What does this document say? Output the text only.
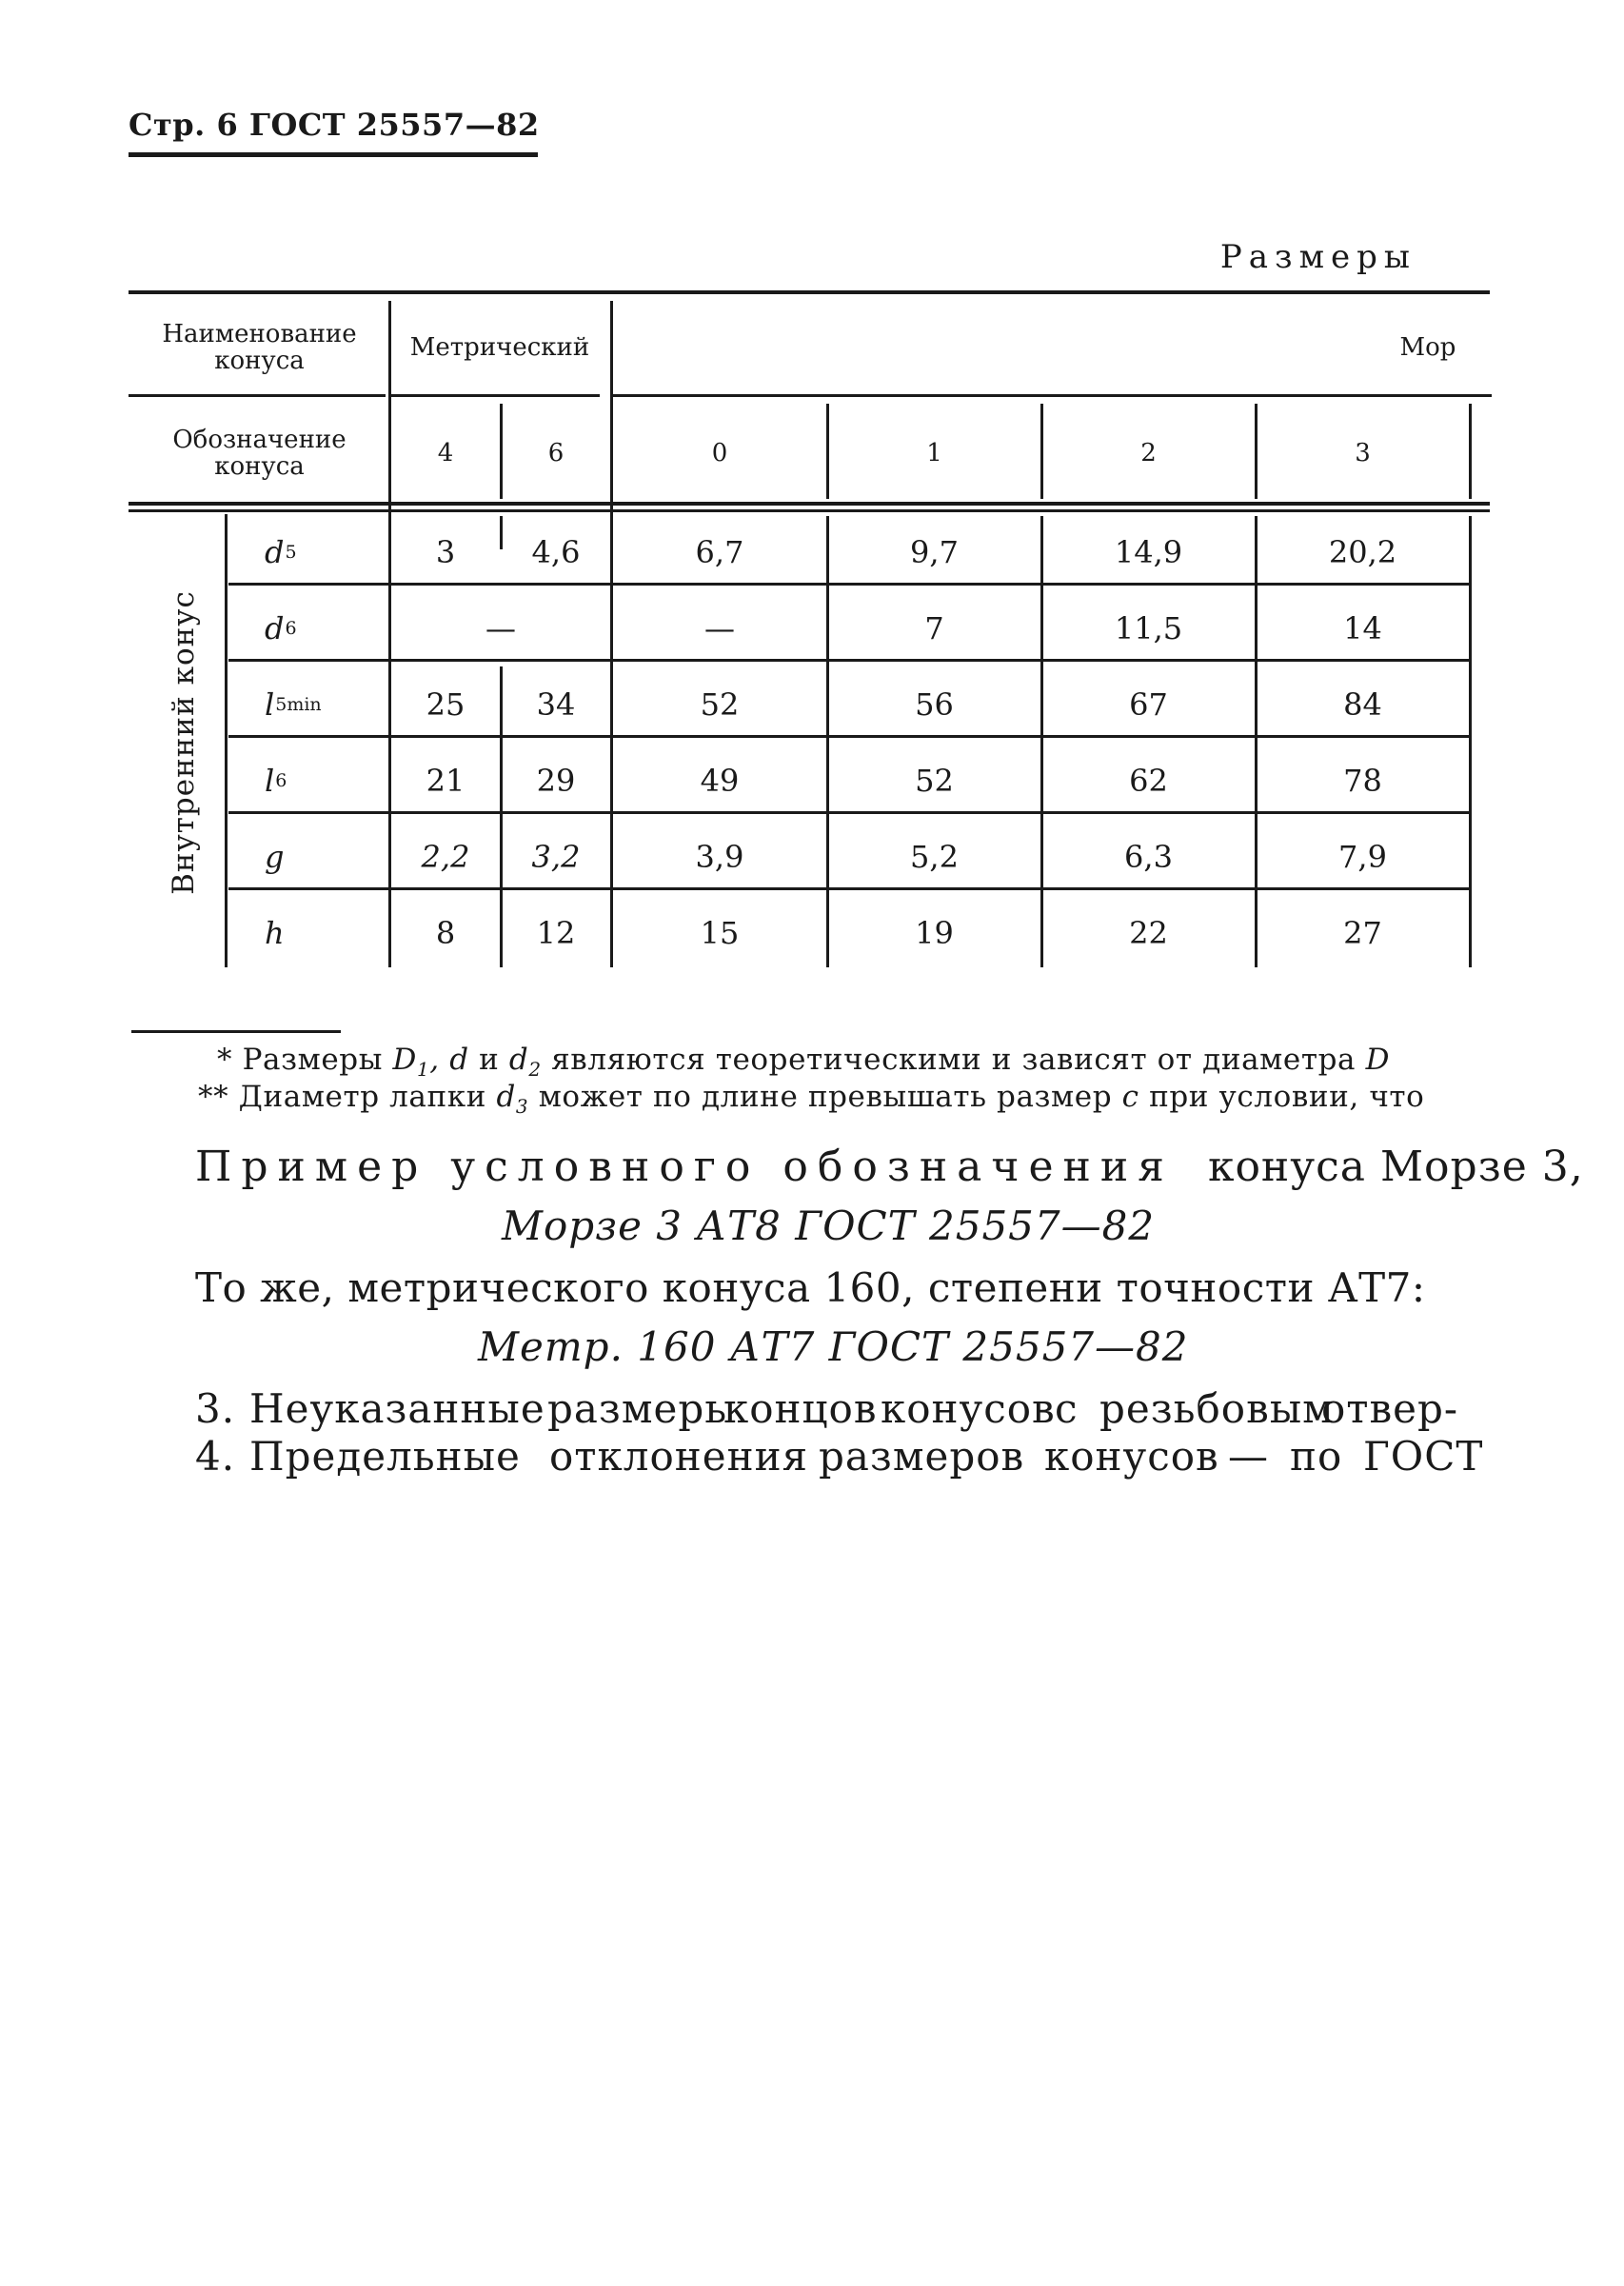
Стр. 6 ГОСТ 25557—82
Размеры
Наименование конуса	Метрический	Мор
Обозначение конуса	4	6	0	1	2	3
Внутренний конус
d 5	3	4,6	6,7	9,7	14,9	20,2
d 6	—	—	7	11,5	14
l 5min	25	34	52	56	67	84
l 6	21	29	49	52	62	78
g	2,2	3,2	3,9	5,2	6,3	7,9
h	8	12	15	19	22	27
* Размеры $D_1$, d и $d_2$ являются теоретическими и зависят от диаметра D
** Диаметр лапки $d_3$ может по длине превышать размер c при условии, что
Пример условного обозначения конуса Морзе 3,
Морзе 3 АТ8 ГОСТ 25557—82
То же, метрического конуса 160, степени точности АТ7:
Метр. 160 АТ7 ГОСТ 25557—82
3. Неуказанные размеры
концов конусов с резьбовым
отвер-
4. Предельные отклонения размеров конусов — по ГОСТ
